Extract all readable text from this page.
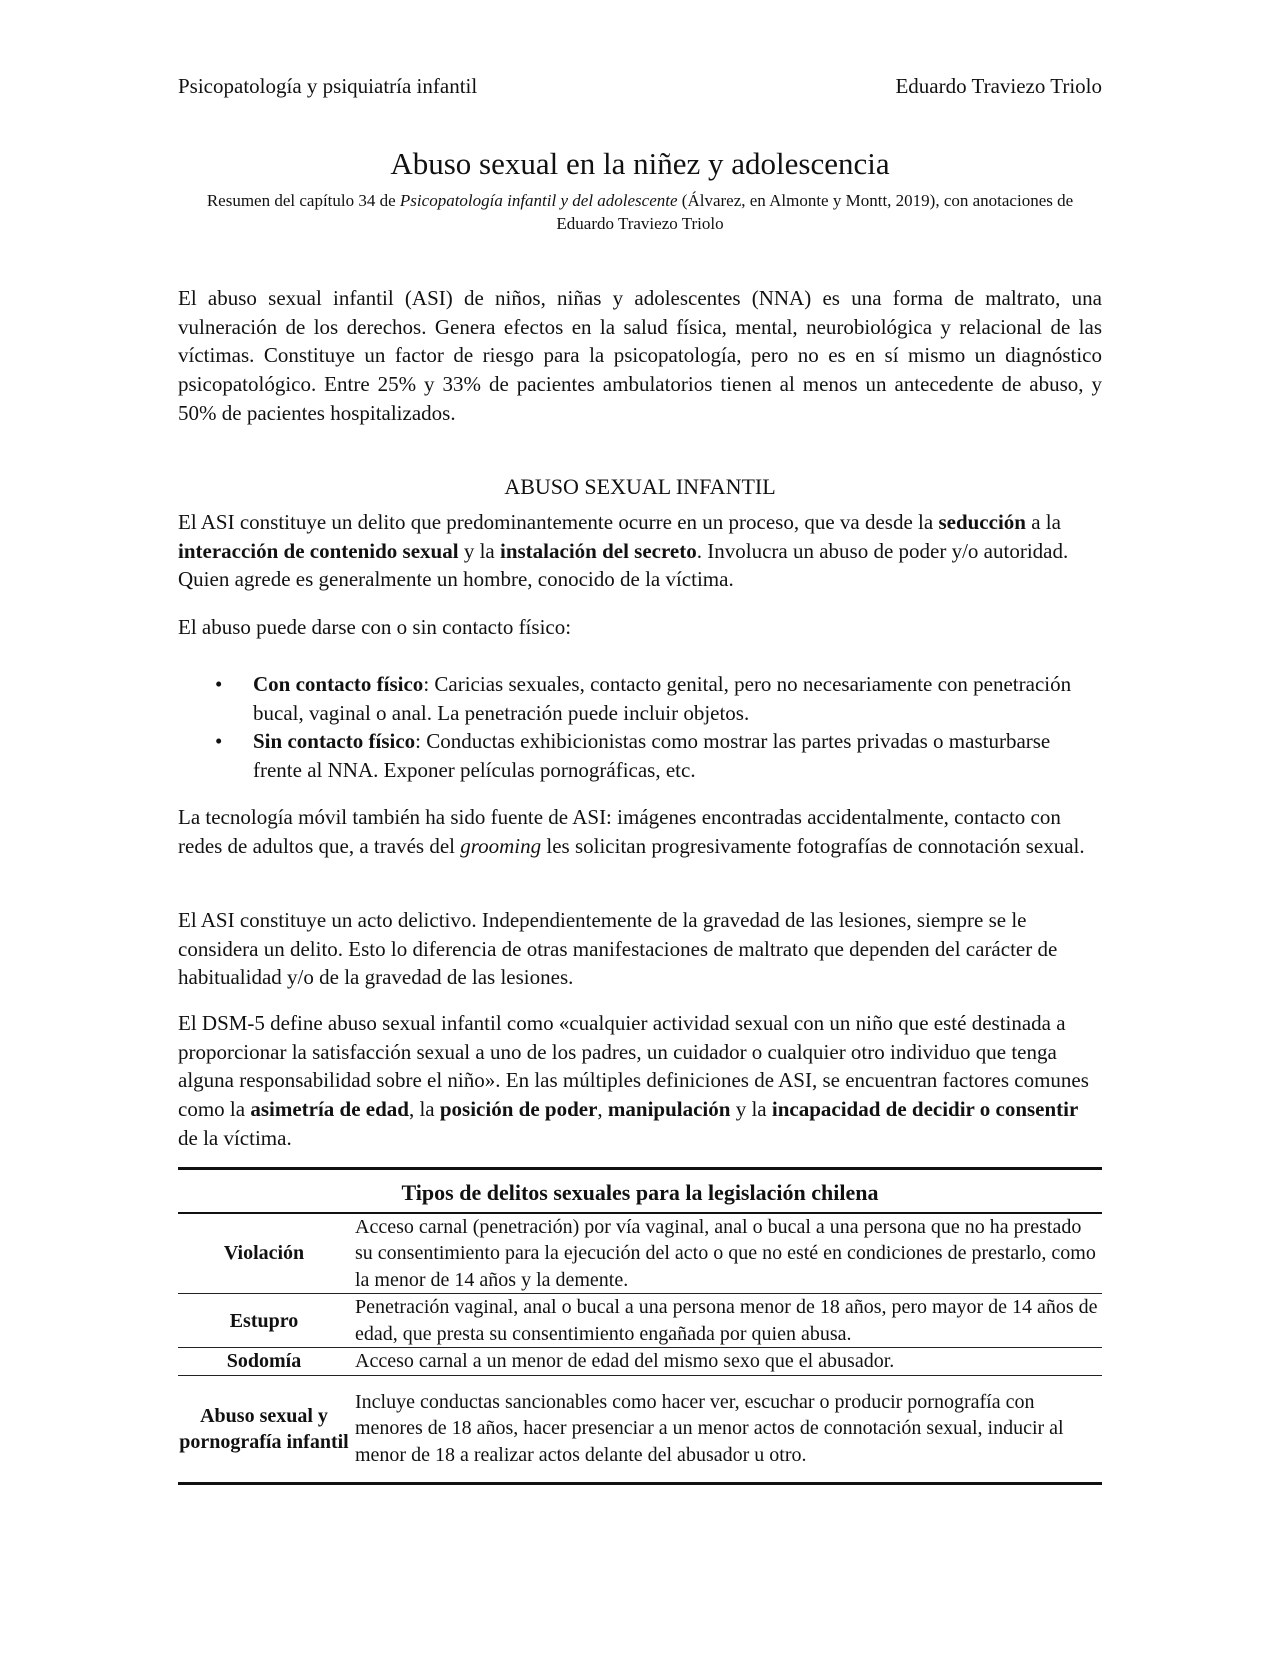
Psicopatología y psiquiatría infantil	Eduardo Traviezo Triolo
Abuso sexual en la niñez y adolescencia
Resumen del capítulo 34 de Psicopatología infantil y del adolescente (Álvarez, en Almonte y Montt, 2019), con anotaciones de Eduardo Traviezo Triolo
El abuso sexual infantil (ASI) de niños, niñas y adolescentes (NNA) es una forma de maltrato, una vulneración de los derechos. Genera efectos en la salud física, mental, neurobiológica y relacional de las víctimas. Constituye un factor de riesgo para la psicopatología, pero no es en sí mismo un diagnóstico psicopatológico. Entre 25% y 33% de pacientes ambulatorios tienen al menos un antecedente de abuso, y 50% de pacientes hospitalizados.
ABUSO SEXUAL INFANTIL
El ASI constituye un delito que predominantemente ocurre en un proceso, que va desde la seducción a la interacción de contenido sexual y la instalación del secreto. Involucra un abuso de poder y/o autoridad. Quien agrede es generalmente un hombre, conocido de la víctima.
El abuso puede darse con o sin contacto físico:
• Con contacto físico: Caricias sexuales, contacto genital, pero no necesariamente con penetración bucal, vaginal o anal. La penetración puede incluir objetos.
• Sin contacto físico: Conductas exhibicionistas como mostrar las partes privadas o masturbarse frente al NNA. Exponer películas pornográficas, etc.
La tecnología móvil también ha sido fuente de ASI: imágenes encontradas accidentalmente, contacto con redes de adultos que, a través del grooming les solicitan progresivamente fotografías de connotación sexual.
El ASI constituye un acto delictivo. Independientemente de la gravedad de las lesiones, siempre se le considera un delito. Esto lo diferencia de otras manifestaciones de maltrato que dependen del carácter de habitualidad y/o de la gravedad de las lesiones.
El DSM-5 define abuso sexual infantil como «cualquier actividad sexual con un niño que esté destinada a proporcionar la satisfacción sexual a uno de los padres, un cuidador o cualquier otro individuo que tenga alguna responsabilidad sobre el niño». En las múltiples definiciones de ASI, se encuentran factores comunes como la asimetría de edad, la posición de poder, manipulación y la incapacidad de decidir o consentir de la víctima.
Tipos de delitos sexuales para la legislación chilena	
Violación	Acceso carnal (penetración) por vía vaginal, anal o bucal a una persona que no ha prestado su consentimiento para la ejecución del acto o que no esté en condiciones de prestarlo, como la menor de 14 años y la demente.
Estupro	Penetración vaginal, anal o bucal a una persona menor de 18 años, pero mayor de 14 años de edad, que presta su consentimiento engañada por quien abusa.
Sodomía	Acceso carnal a un menor de edad del mismo sexo que el abusador.
Abuso sexual y pornografía infantil	Incluye conductas sancionables como hacer ver, escuchar o producir pornografía con menores de 18 años, hacer presenciar a un menor actos de connotación sexual, inducir al menor de 18 a realizar actos delante del abusador u otro.
